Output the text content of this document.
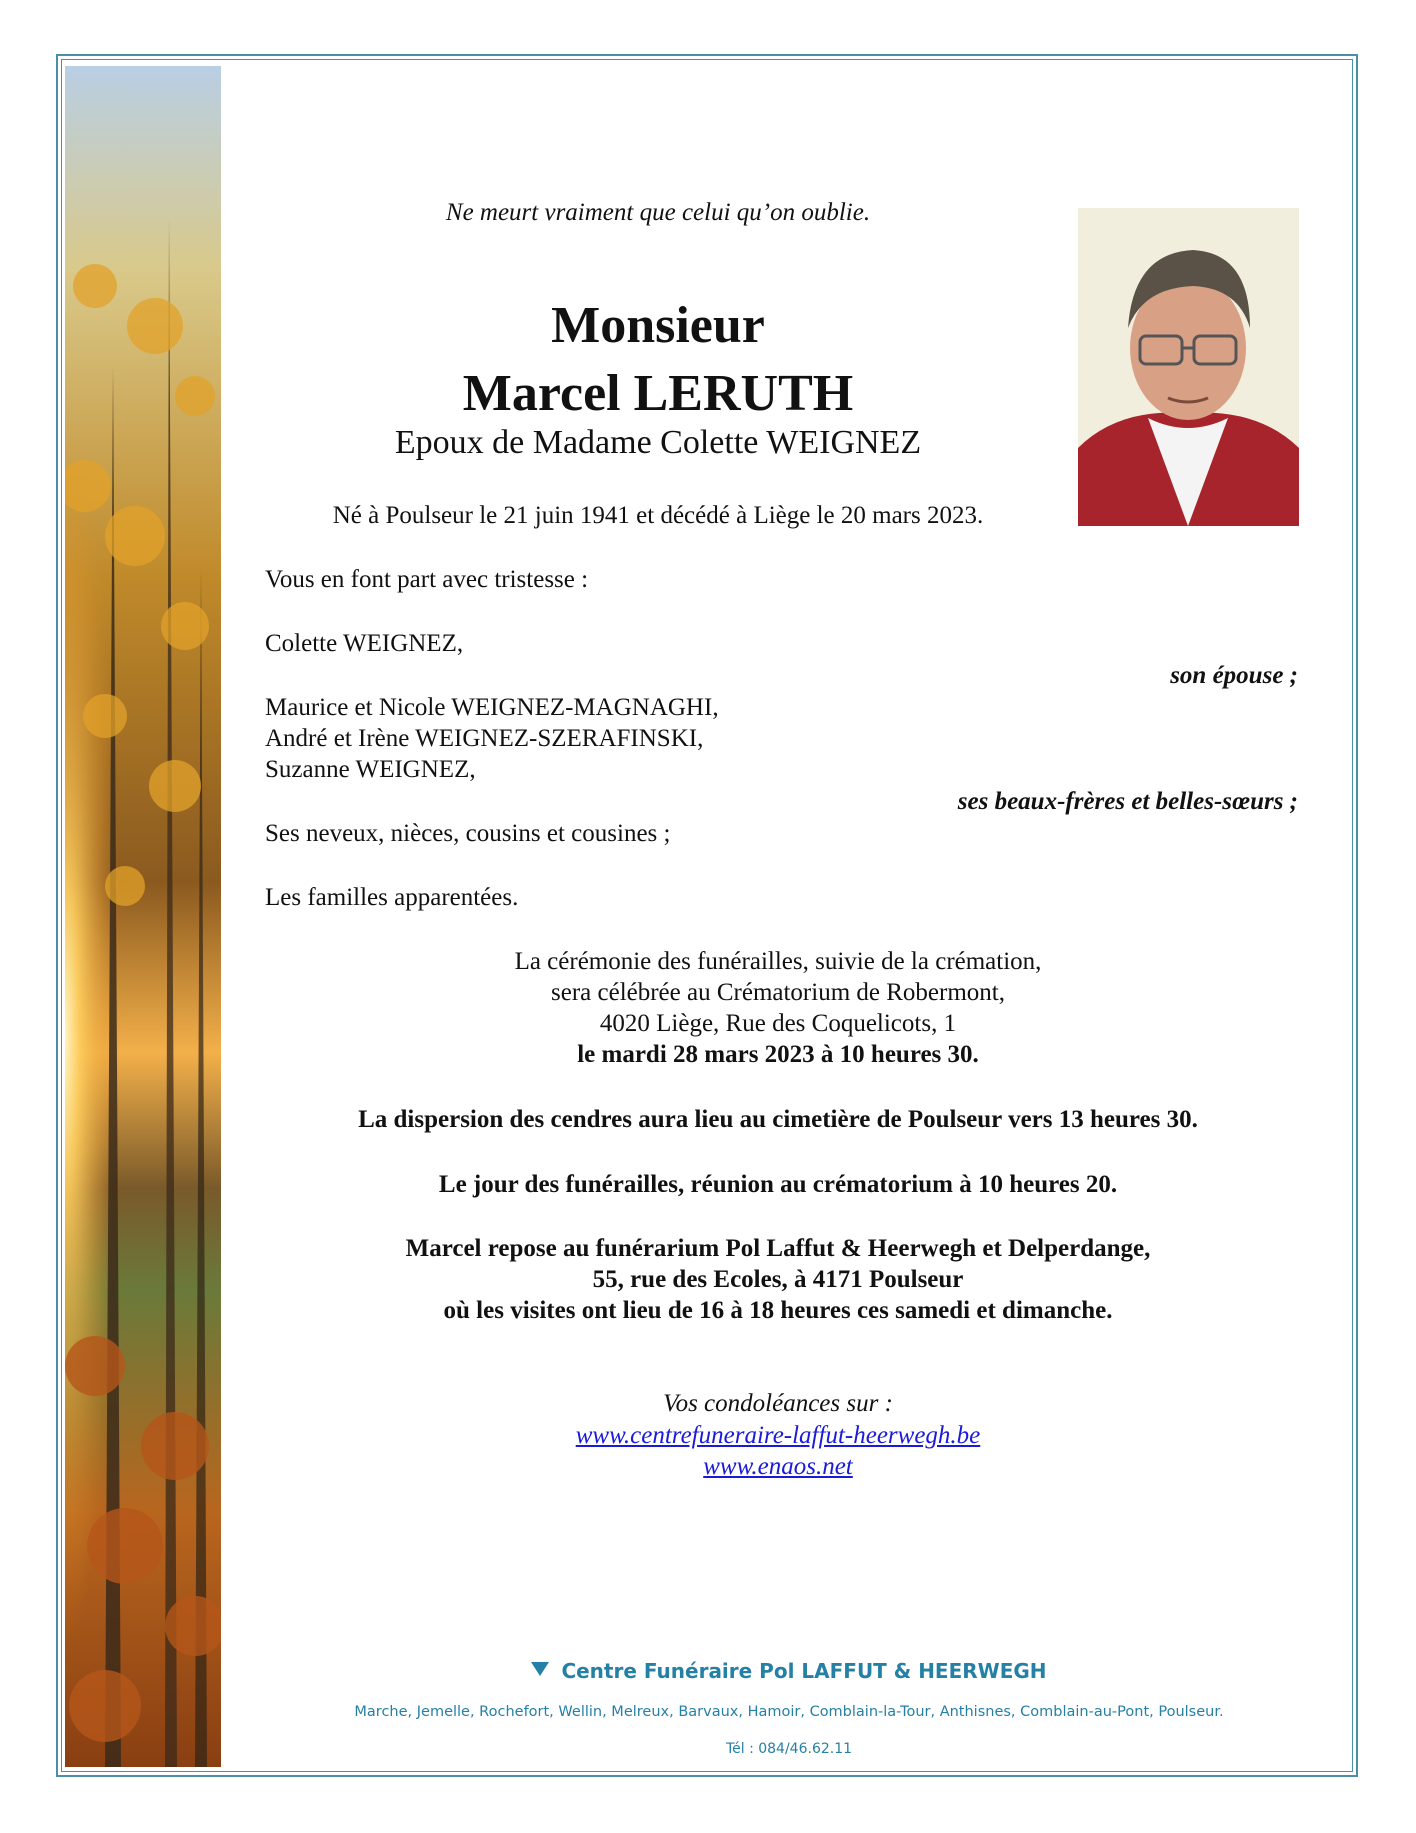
Ne meurt vraiment que celui qu’on oublie.
Monsieur
Marcel LERUTH
Epoux de Madame Colette WEIGNEZ
Né à Poulseur le 21 juin 1941 et décédé à Liège le 20 mars 2023.
Vous en font part avec tristesse :
Colette WEIGNEZ,
son épouse ;
Maurice et Nicole WEIGNEZ-MAGNAGHI,
André et Irène WEIGNEZ-SZERAFINSKI,
Suzanne WEIGNEZ,
ses beaux-frères et belles-sœurs ;
Ses neveux, nièces, cousins et cousines ;
Les familles apparentées.
La cérémonie des funérailles, suivie de la crémation,
sera célébrée au Crématorium de Robermont,
4020 Liège, Rue des Coquelicots, 1
le mardi 28 mars 2023 à 10 heures 30.
La dispersion des cendres aura lieu au cimetière de Poulseur vers 13 heures 30.
Le jour des funérailles, réunion au crématorium à 10 heures 20.
Marcel repose au funérarium Pol Laffut & Heerwegh et Delperdange,
55, rue des Ecoles, à 4171 Poulseur
où les visites ont lieu de 16 à 18 heures ces samedi et dimanche.
Vos condoléances sur :
www.centrefuneraire-laffut-heerwegh.be
www.enaos.net
Centre Funéraire Pol LAFFUT & HEERWEGH
Marche, Jemelle, Rochefort, Wellin, Melreux, Barvaux, Hamoir, Comblain-la-Tour, Anthisnes, Comblain-au-Pont, Poulseur.
Tél : 084/46.62.11
